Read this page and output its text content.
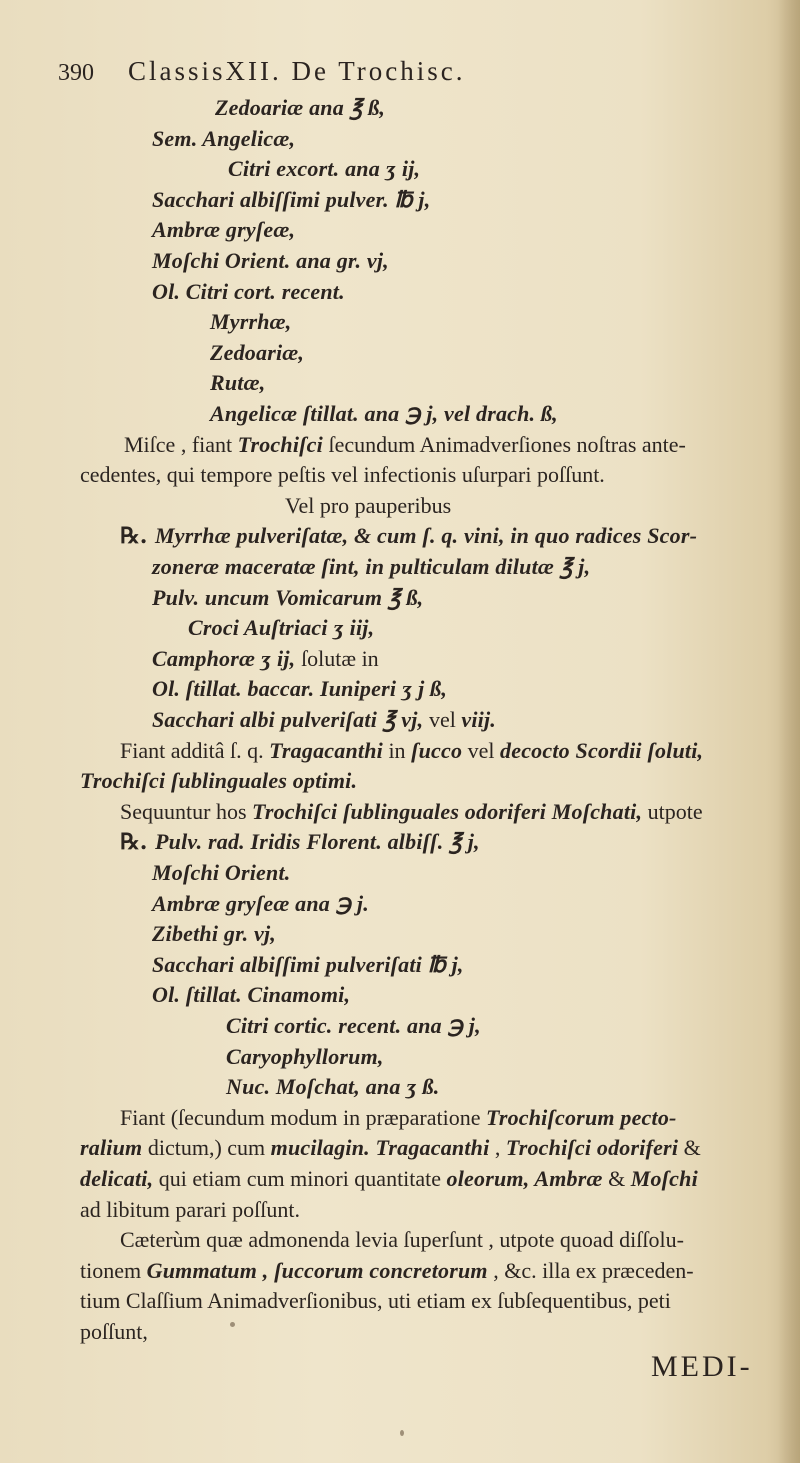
390 ClassisXII. De Trochisc.
Zedoariæ ana ℥ ß,
Sem. Angelicæ,
Citri excort. ana ʒ ij,
Sacchari albiſſimi pulver. ℔ j,
Ambræ gryſeæ,
Moſchi Orient. ana gr. vj,
Ol. Citri cort. recent.
Myrrhæ,
Zedoariæ,
Rutæ,
Angelicæ ſtillat. ana ℈ j, vel drach. ß,
Miſce , fiant Trochiſci ſecundum Animadverſiones noſtras ante-
cedentes, qui tempore peſtis vel infectionis uſurpari poſſunt.
Vel pro pauperibus
℞. Myrrhæ pulveriſatæ, & cum ſ. q. vini, in quo radices Scor-
zoneræ maceratæ ſint, in pulticulam dilutæ ℥ j,
Pulv. uncum Vomicarum ℥ ß,
Croci Auſtriaci ʒ iij,
Camphoræ ʒ ij, ſolutæ in
Ol. ſtillat. baccar. Iuniperi ʒ j ß,
Sacchari albi pulveriſati ℥ vj, vel viij.
Fiant additâ ſ. q. Tragacanthi in ſucco vel decocto Scordii ſoluti,
Trochiſci ſublinguales optimi.
Sequuntur hos Trochiſci ſublinguales odoriferi Moſchati, utpote
℞. Pulv. rad. Iridis Florent. albiſſ. ℥ j,
Moſchi Orient.
Ambræ gryſeæ ana ℈ j.
Zibethi gr. vj,
Sacchari albiſſimi pulveriſati ℔ j,
Ol. ſtillat. Cinamomi,
Citri cortic. recent. ana ℈ j,
Caryophyllorum,
Nuc. Moſchat, ana ʒ ß.
Fiant (ſecundum modum in præparatione Trochiſcorum pecto-
ralium dictum,) cum mucilagin. Tragacanthi , Trochiſci odoriferi &
delicati, qui etiam cum minori quantitate oleorum, Ambræ & Moſchi
ad libitum parari poſſunt.
Cæterùm quæ admonenda levia ſuperſunt , utpote quoad diſſolu-
tionem Gummatum , ſuccorum concretorum , &c. illa ex præceden-
tium Claſſium Animadverſionibus, uti etiam ex ſubſequentibus, peti
poſſunt,
MEDI-
